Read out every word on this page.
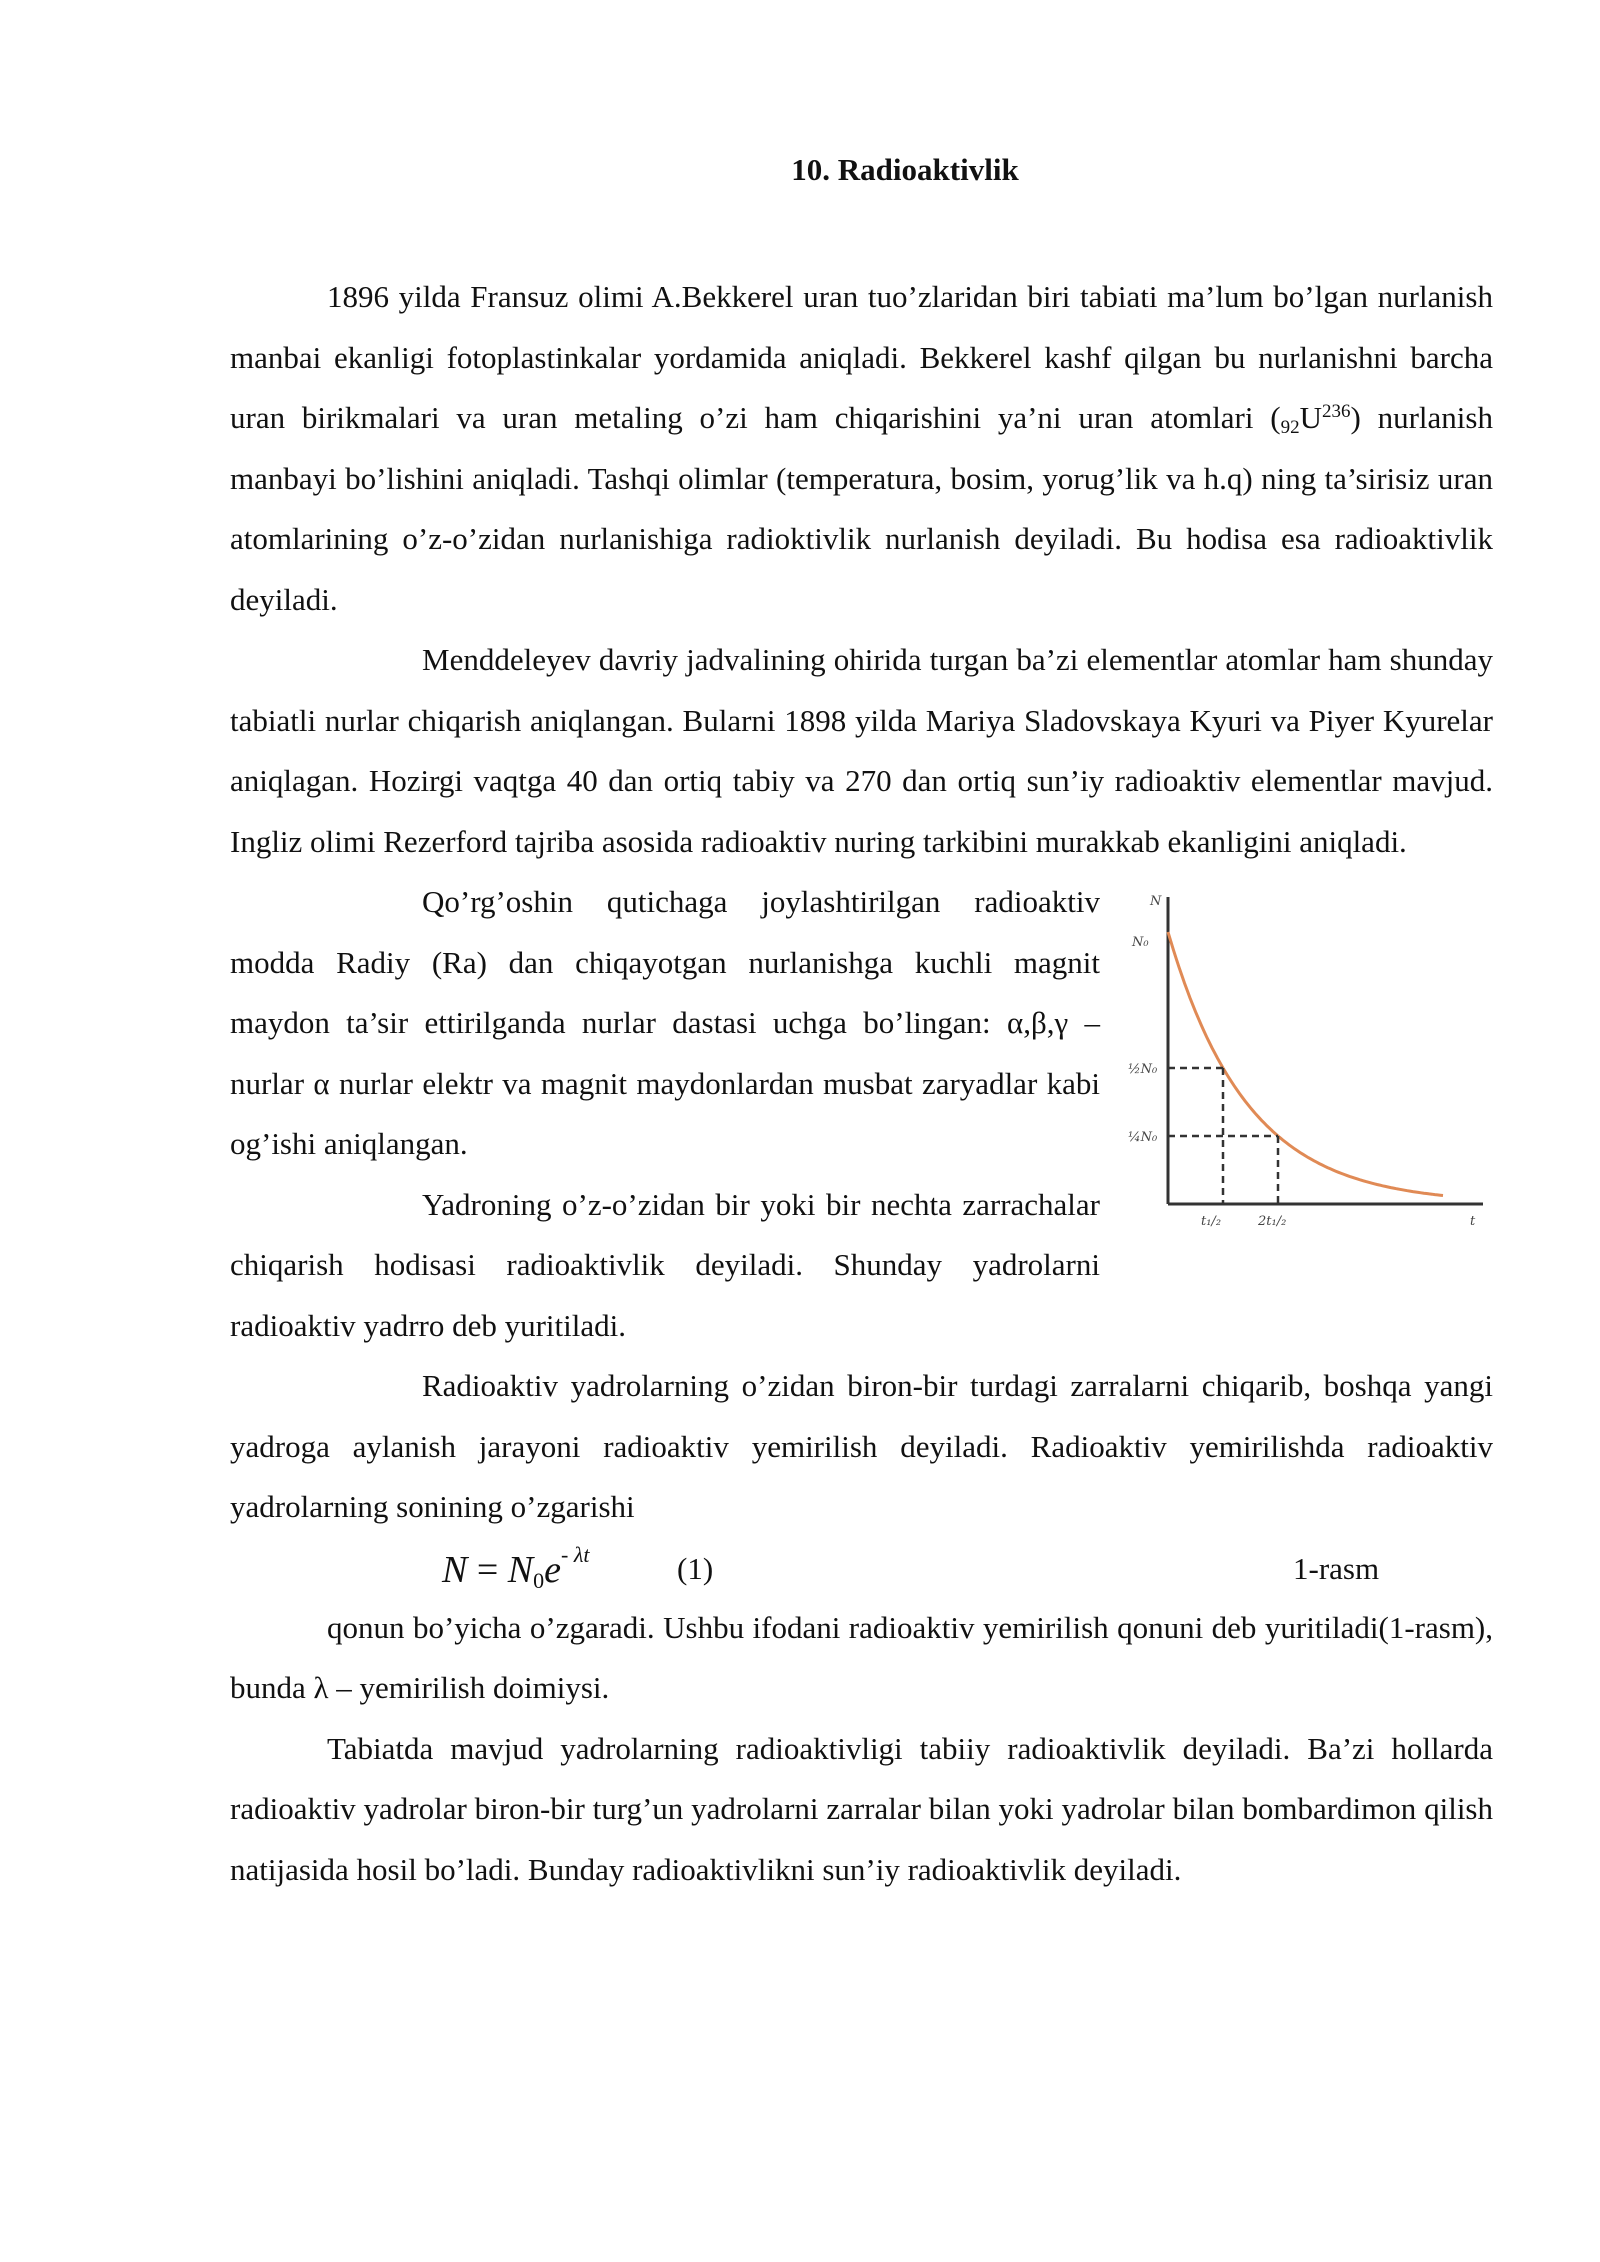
10. Radioaktivlik

1896 yilda Fransuz olimi A.Bekkerel uran tuo’zlaridan biri tabiati ma’lum bo’lgan nurlanish manbai ekanligi fotoplastinkalar yordamida aniqladi. Bekkerel kashf qilgan bu nurlanishni barcha uran birikmalari va uran metaling o’zi ham chiqarishini ya’ni uran atomlari $(_{92}U^{236})$ nurlanish manbayi bo’lishini aniqladi. Tashqi olimlar (temperatura, bosim, yorug’lik va h.q) ning ta’sirisiz uran atomlarining o’z-o’zidan nurlanishiga radioktivlik nurlanish deyiladi. Bu hodisa esa radioaktivlik deyiladi.

Menddeleyev davriy jadvalining ohirida turgan ba’zi elementlar atomlar ham shunday tabiatli nurlar chiqarish aniqlangan. Bularni 1898 yilda Mariya Sladovskaya Kyuri va Piyer Kyurelar aniqlagan. Hozirgi vaqtga 40 dan ortiq tabiy va 270 dan ortiq sun’iy radioaktiv elementlar mavjud. Ingliz olimi Rezerford tajriba asosida radioaktiv nuring tarkibini murakkab ekanligini aniqladi.

N
N₀
½N₀
¼N₀
t₁/₂	2t₁/₂	t

Qo’rg’oshin qutichaga joylashtirilgan radioaktiv modda Radiy (Ra) dan chiqayotgan nurlanishga kuchli magnit maydon ta’sir ettirilganda nurlar dastasi uchga bo’lingan: α,β,γ –nurlar α nurlar elektr va magnit maydonlardan musbat zaryadlar kabi og’ishi aniqlangan.

Yadroning o’z-o’zidan bir yoki bir nechta zarrachalar chiqarish hodisasi radioaktivlik deyiladi. Shunday yadrolarni radioaktiv yadrro deb yuritiladi.

Radioaktiv yadrolarning o’zidan biron-bir turdagi zarralarni chiqarib, boshqa yangi yadroga aylanish jarayoni radioaktiv yemirilish deyiladi. Radioaktiv yemirilishda radioaktiv yadrolarning sonining o’zgarishi

$N = N0e^{- \lambda t}$	(1)	1-rasm

qonun bo’yicha o’zgaradi. Ushbu ifodani radioaktiv yemirilish qonuni deb yuritiladi(1-rasm), bunda λ – yemirilish doimiysi.

Tabiatda mavjud yadrolarning radioaktivligi tabiiy radioaktivlik deyiladi. Ba’zi hollarda radioaktiv yadrolar biron-bir turg’un yadrolarni zarralar bilan yoki yadrolar bilan bombardimon qilish natijasida hosil bo’ladi. Bunday radioaktivlikni sun’iy radioaktivlik deyiladi.
